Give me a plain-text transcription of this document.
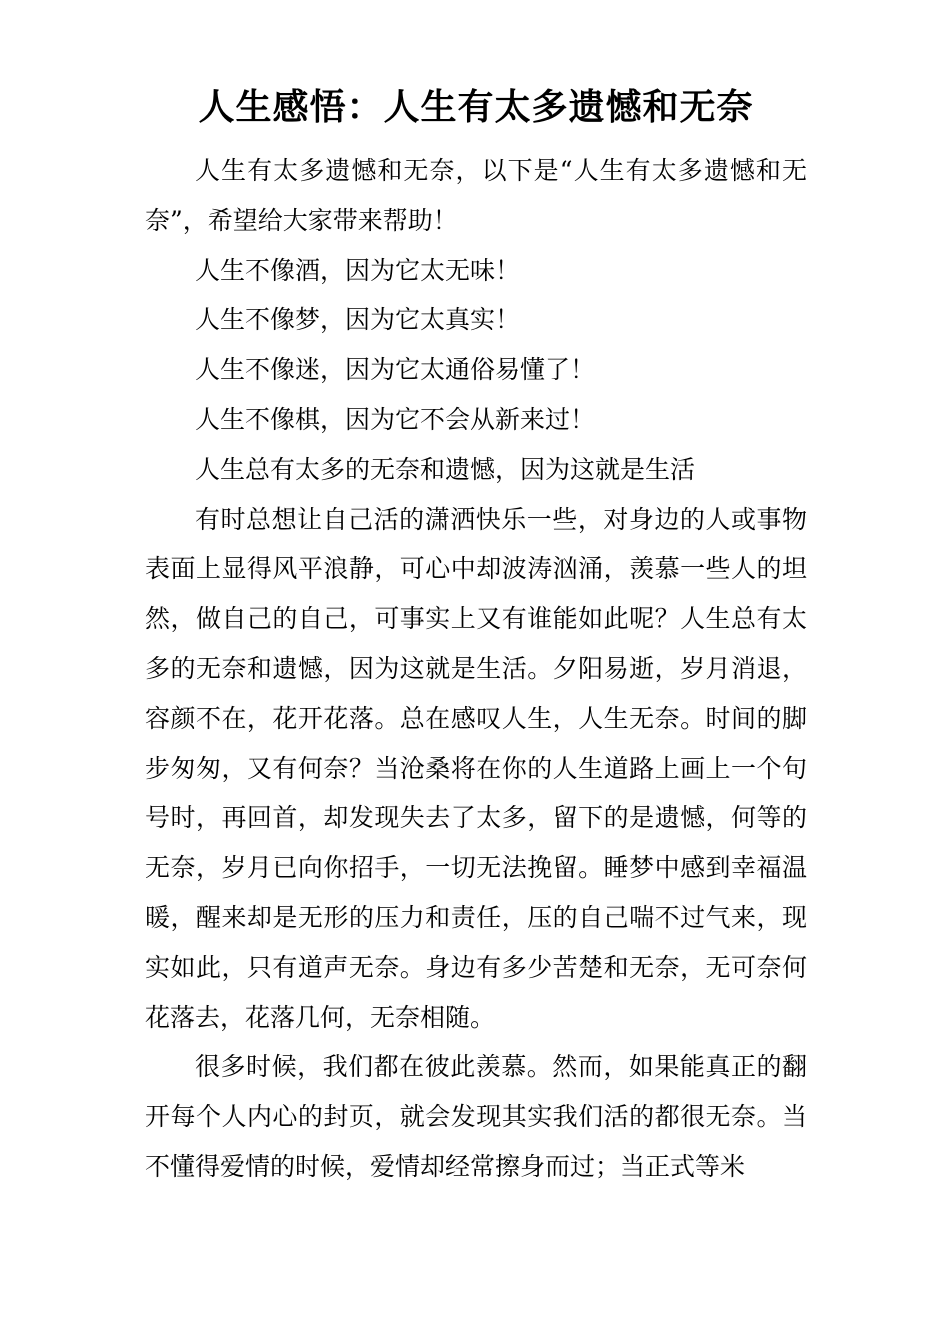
人生感悟：人生有太多遗憾和无奈

人生有太多遗憾和无奈，以下是“人生有太多遗憾和无奈”，希望给大家带来帮助！

人生不像酒，因为它太无味！

人生不像梦，因为它太真实！

人生不像迷，因为它太通俗易懂了！

人生不像棋，因为它不会从新来过！

人生总有太多的无奈和遗憾，因为这就是生活

有时总想让自己活的潇洒快乐一些，对身边的人或事物表面上显得风平浪静，可心中却波涛汹涌，羡慕一些人的坦然，做自己的自己，可事实上又有谁能如此呢？人生总有太多的无奈和遗憾，因为这就是生活。夕阳易逝，岁月消退，容颜不在，花开花落。总在感叹人生，人生无奈。时间的脚步匆匆，又有何奈？当沧桑将在你的人生道路上画上一个句号时，再回首，却发现失去了太多，留下的是遗憾，何等的无奈，岁月已向你招手，一切无法挽留。睡梦中感到幸福温暖，醒来却是无形的压力和责任，压的自己喘不过气来，现实如此，只有道声无奈。身边有多少苦楚和无奈，无可奈何花落去，花落几何，无奈相随。

很多时候，我们都在彼此羡慕。然而，如果能真正的翻开每个人内心的封页，就会发现其实我们活的都很无奈。当不懂得爱情的时候，爱情却经常擦身而过；当正式等米
